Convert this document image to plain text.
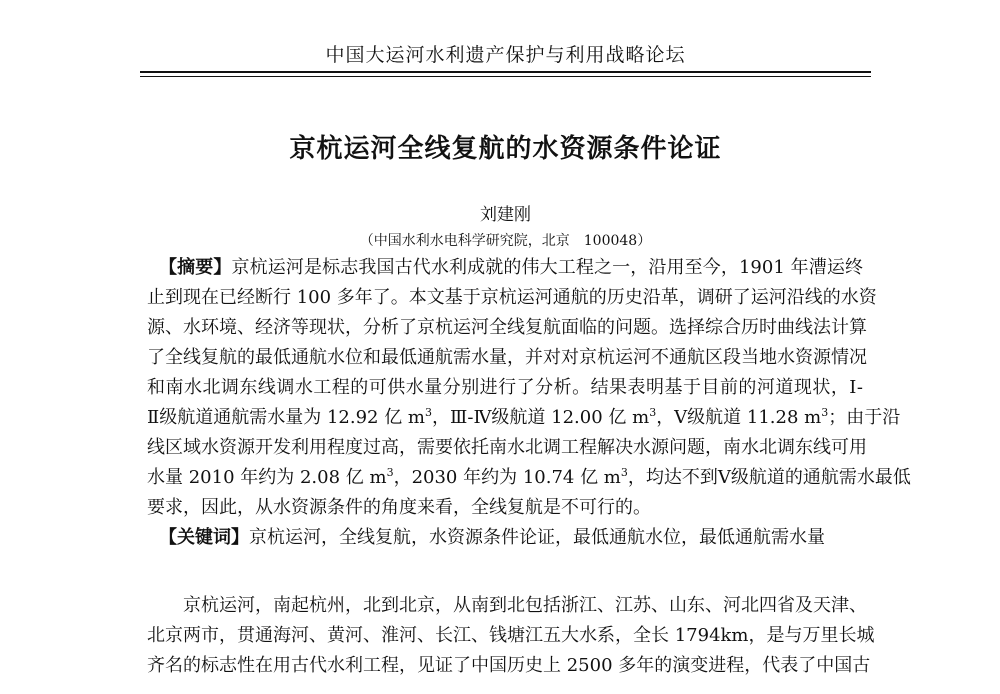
中国大运河水利遗产保护与利用战略论坛
京杭运河全线复航的水资源条件论证
刘建刚
（中国水利水电科学研究院，北京　100048）
【摘要】京杭运河是标志我国古代水利成就的伟大工程之一，沿用至今，1901 年漕运终
止到现在已经断行 100 多年了。本文基于京杭运河通航的历史沿革，调研了运河沿线的水资
源、水环境、经济等现状，分析了京杭运河全线复航面临的问题。选择综合历时曲线法计算
了全线复航的最低通航水位和最低通航需水量，并对对京杭运河不通航区段当地水资源情况
和南水北调东线调水工程的可供水量分别进行了分析。结果表明基于目前的河道现状，Ⅰ-
Ⅱ级航道通航需水量为 12.92 亿 $m^3$，Ⅲ-Ⅳ级航道 12.00 亿 $m^3$，Ⅴ级航道 11.28 $m^3$；由于沿
线区域水资源开发利用程度过高，需要依托南水北调工程解决水源问题，南水北调东线可用
水量 2010 年约为 2.08 亿 $m^3$，2030 年约为 10.74 亿 $m^3$，均达不到Ⅴ级航道的通航需水最低
要求，因此，从水资源条件的角度来看，全线复航是不可行的。
【关键词】京杭运河，全线复航，水资源条件论证，最低通航水位，最低通航需水量
　　京杭运河，南起杭州，北到北京，从南到北包括浙江、江苏、山东、河北四省及天津、
北京两市，贯通海河、黄河、淮河、长江、钱塘江五大水系，全长 1794km，是与万里长城
齐名的标志性在用古代水利工程，见证了中国历史上 2500 多年的演变进程，代表了中国古
